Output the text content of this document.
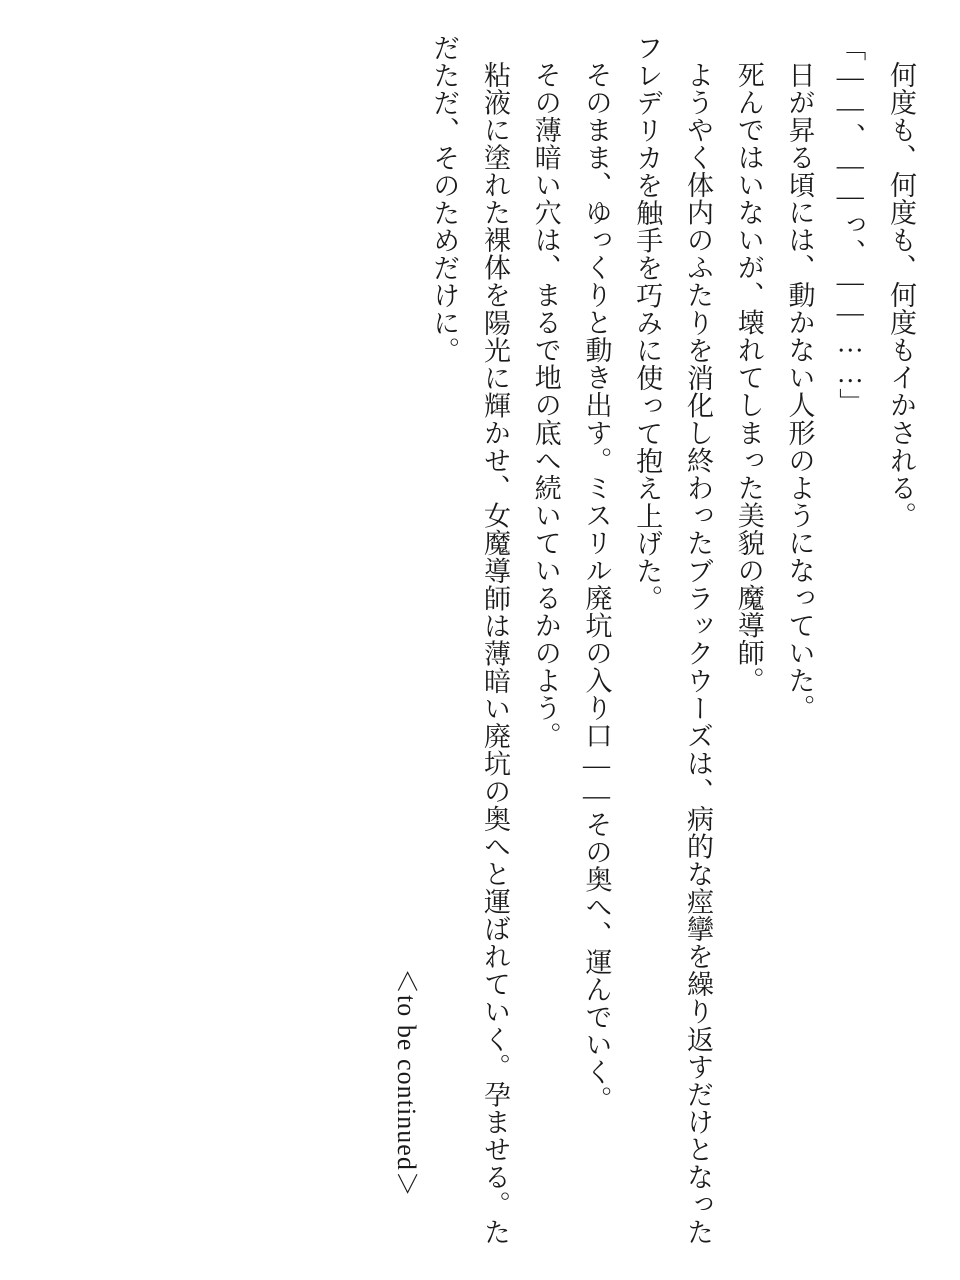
何度も、何度も、何度もイかされる。

「――、――っ、――……」

日が昇る頃には、動かない人形のようになっていた。

死んではいないが、壊れてしまった美貌の魔導師。

ようやく体内のふたりを消化し終わったブラックウーズは、病的な痙攣を繰り返すだけとなったフレデリカを触手を巧みに使って抱え上げた。

そのまま、ゆっくりと動き出す。ミスリル廃坑の入り口――その奥へ、運んでいく。

その薄暗い穴は、まるで地の底へ続いているかのよう。

粘液に塗れた裸体を陽光に輝かせ、女魔導師は薄暗い廃坑の奥へと運ばれていく。孕ませる。ただただ、そのためだけに。

＜to be continued＞
